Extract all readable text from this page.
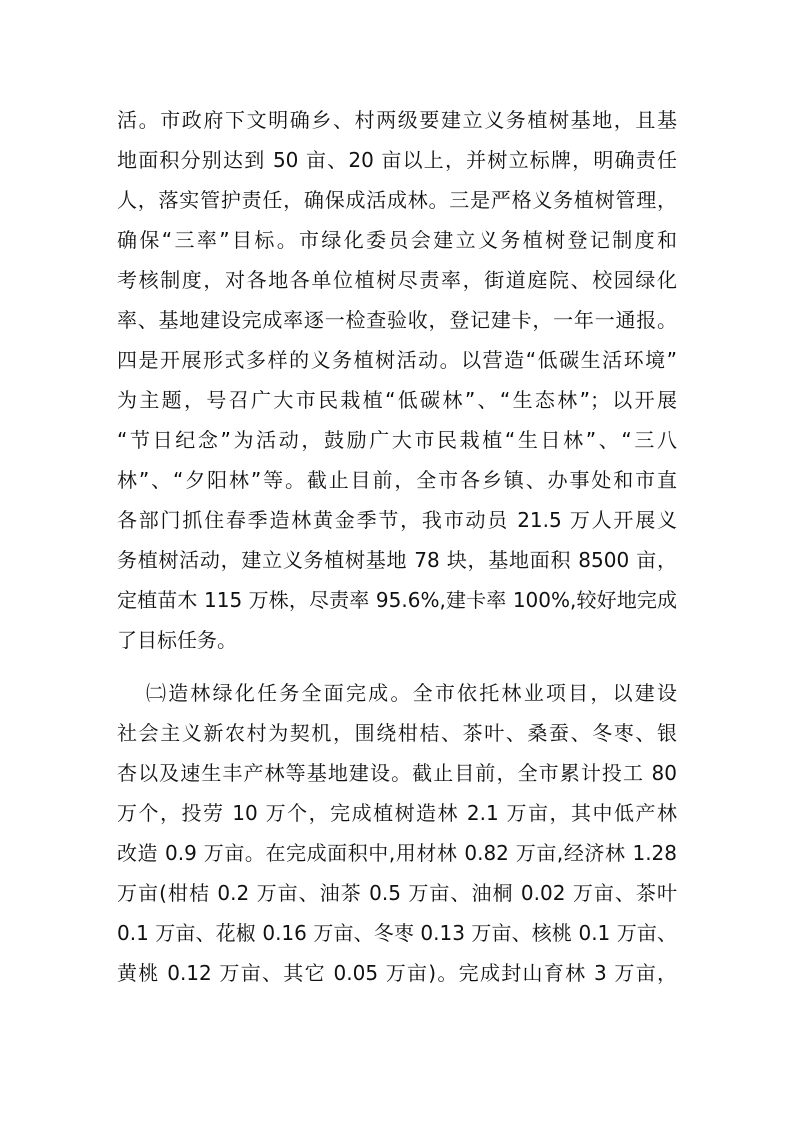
活。市政府下文明确乡、村两级要建立义务植树基地，且基
地面积分别达到 50 亩、20 亩以上，并树立标牌，明确责任
人，落实管护责任，确保成活成林。三是严格义务植树管理，
确保“三率”目标。市绿化委员会建立义务植树登记制度和
考核制度，对各地各单位植树尽责率，街道庭院、校园绿化
率、基地建设完成率逐一检查验收，登记建卡，一年一通报。
四是开展形式多样的义务植树活动。以营造“低碳生活环境”
为主题，号召广大市民栽植“低碳林”、“生态林”；以开展
“节日纪念”为活动，鼓励广大市民栽植“生日林”、“三八
林”、“夕阳林”等。截止目前，全市各乡镇、办事处和市直
各部门抓住春季造林黄金季节，我市动员 21.5 万人开展义
务植树活动，建立义务植树基地 78 块，基地面积 8500 亩，
定植苗木 115 万株，尽责率 95.6%,建卡率 100%,较好地完成
了目标任务。
㈡造林绿化任务全面完成。全市依托林业项目，以建设
社会主义新农村为契机，围绕柑桔、茶叶、桑蚕、冬枣、银
杏以及速生丰产林等基地建设。截止目前，全市累计投工 80
万个，投劳 10 万个，完成植树造林 2.1 万亩，其中低产林
改造 0.9 万亩。在完成面积中,用材林 0.82 万亩,经济林 1.28
万亩(柑桔 0.2 万亩、油茶 0.5 万亩、油桐 0.02 万亩、茶叶
0.1 万亩、花椒 0.16 万亩、冬枣 0.13 万亩、核桃 0.1 万亩、
黄桃 0.12 万亩、其它 0.05 万亩)。完成封山育林 3 万亩，
